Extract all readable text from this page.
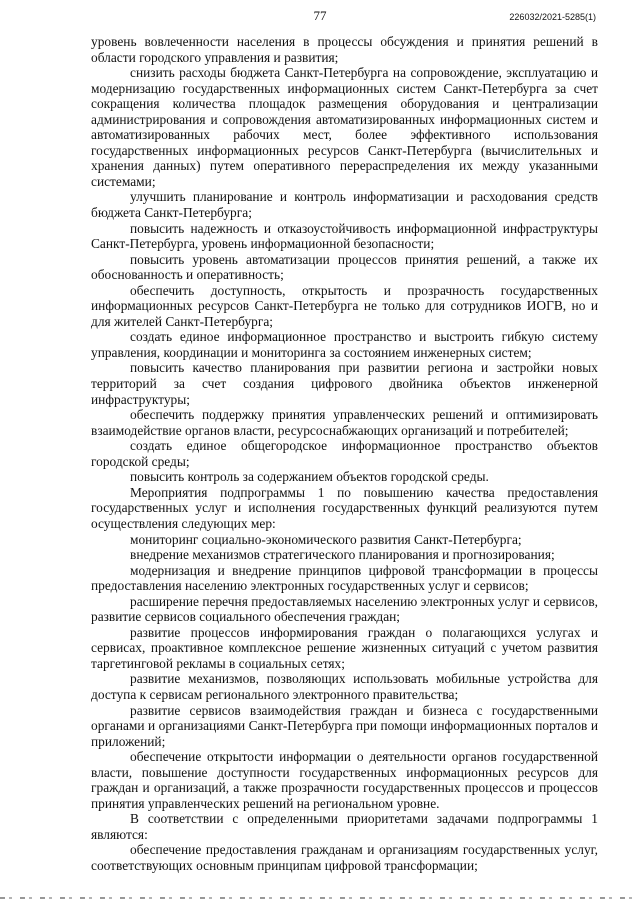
77	226032/2021-5285(1)

уровень вовлеченности населения в процессы обсуждения и принятия решений в области городского управления и развития;

снизить расходы бюджета Санкт-Петербурга на сопровождение, эксплуатацию и модернизацию государственных информационных систем Санкт-Петербурга за счет сокращения количества площадок размещения оборудования и централизации администрирования и сопровождения автоматизированных информационных систем и автоматизированных рабочих мест, более эффективного использования государственных информационных ресурсов Санкт-Петербурга (вычислительных и хранения данных) путем оперативного перераспределения их между указанными системами;

улучшить планирование и контроль информатизации и расходования средств бюджета Санкт-Петербурга;

повысить надежность и отказоустойчивость информационной инфраструктуры Санкт-Петербурга, уровень информационной безопасности;

повысить уровень автоматизации процессов принятия решений, а также их обоснованность и оперативность;

обеспечить доступность, открытость и прозрачность государственных информационных ресурсов Санкт-Петербурга не только для сотрудников ИОГВ, но и для жителей Санкт-Петербурга;

создать единое информационное пространство и выстроить гибкую систему управления, координации и мониторинга за состоянием инженерных систем;

повысить качество планирования при развитии региона и застройки новых территорий за счет создания цифрового двойника объектов инженерной инфраструктуры;

обеспечить поддержку принятия управленческих решений и оптимизировать взаимодействие органов власти, ресурсоснабжающих организаций и потребителей;

создать единое общегородское информационное пространство объектов городской среды;

повысить контроль за содержанием объектов городской среды.

Мероприятия подпрограммы 1 по повышению качества предоставления государственных услуг и исполнения государственных функций реализуются путем осуществления следующих мер:

мониторинг социально-экономического развития Санкт-Петербурга;

внедрение механизмов стратегического планирования и прогнозирования;

модернизация и внедрение принципов цифровой трансформации в процессы предоставления населению электронных государственных услуг и сервисов;

расширение перечня предоставляемых населению электронных услуг и сервисов, развитие сервисов социального обеспечения граждан;

развитие процессов информирования граждан о полагающихся услугах и сервисах, проактивное комплексное решение жизненных ситуаций с учетом развития таргетинговой рекламы в социальных сетях;

развитие механизмов, позволяющих использовать мобильные устройства для доступа к сервисам регионального электронного правительства;

развитие сервисов взаимодействия граждан и бизнеса с государственными органами и организациями Санкт-Петербурга при помощи информационных порталов и приложений;

обеспечение открытости информации о деятельности органов государственной власти, повышение доступности государственных информационных ресурсов для граждан и организаций, а также прозрачности государственных процессов и процессов принятия управленческих решений на региональном уровне.

В соответствии с определенными приоритетами задачами подпрограммы 1 являются:

обеспечение предоставления гражданам и организациям государственных услуг, соответствующих основным принципам цифровой трансформации;
